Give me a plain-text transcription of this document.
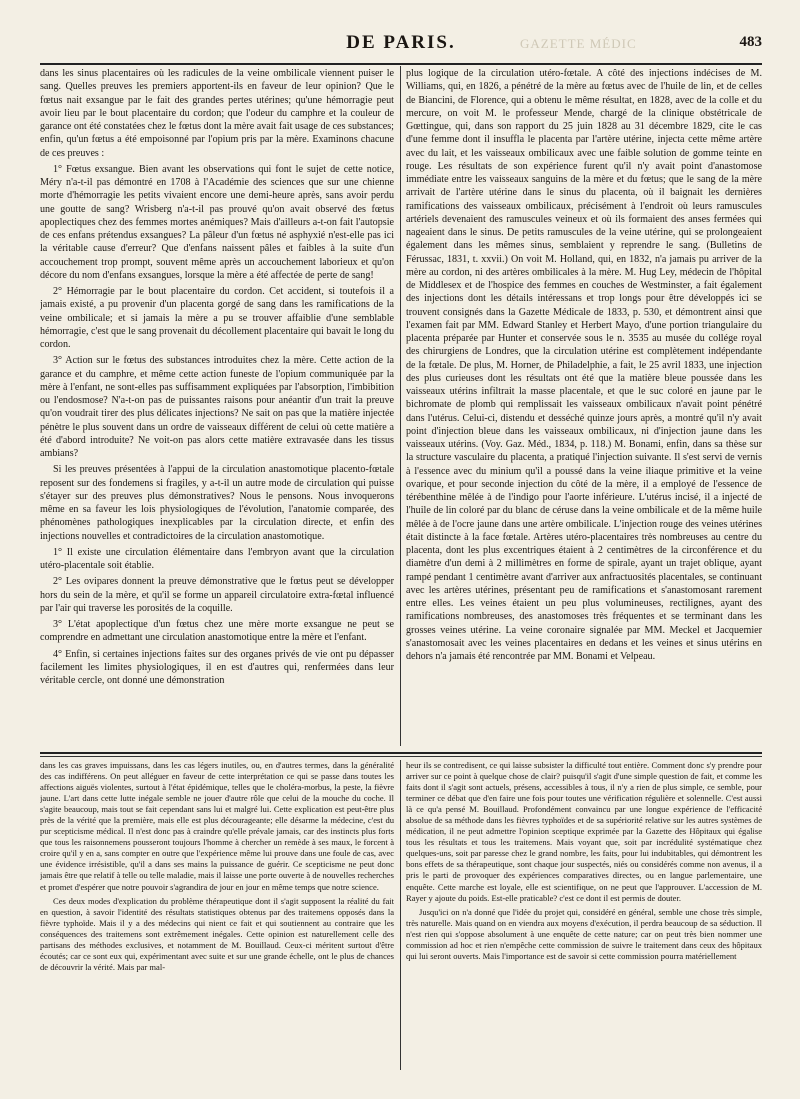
GAZETTE MÉDIC
DE PARIS.	483

dans les sinus placentaires où les radicules de la veine ombilicale viennent puiser le sang. Quelles preuves les premiers apportent-ils en faveur de leur opinion? Que le fœtus nait exsangue par le fait des grandes pertes utérines; qu'une hémorragie peut avoir lieu par le bout placentaire du cordon; que l'odeur du camphre et la couleur de garance ont été constatées chez le fœtus dont la mère avait fait usage de ces substances; enfin, qu'un fœtus a été empoisonné par l'opium pris par la mère. Examinons chacune de ces preuves :

1° Fœtus exsangue. Bien avant les observations qui font le sujet de cette notice, Méry n'a-t-il pas démontré en 1708 à l'Académie des sciences que sur une chienne morte d'hémorragie les petits vivaient encore une demi-heure après, sans avoir perdu une goutte de sang? Wrisberg n'a-t-il pas prouvé qu'on avait observé des fœtus apoplectiques chez des femmes mortes anémiques? Mais d'ailleurs a-t-on fait l'autopsie de ces enfans prétendus exsangues? La pâleur d'un fœtus né asphyxié n'est-elle pas ici la véritable cause d'erreur? Que d'enfans naissent pâles et faibles à la suite d'un accouchement trop prompt, souvent même après un accouchement laborieux et qu'on décore du nom d'enfans exsangues, lorsque la mère a été affectée de perte de sang!

2° Hémorragie par le bout placentaire du cordon. Cet accident, si toutefois il a jamais existé, a pu provenir d'un placenta gorgé de sang dans les ramifications de la veine ombilicale; et si jamais la mère a pu se trouver affaiblie d'une semblable hémorragie, c'est que le sang provenait du décollement placentaire qui bavait le long du cordon.

3° Action sur le fœtus des substances introduites chez la mère. Cette action de la garance et du camphre, et même cette action funeste de l'opium communiquée par la mère à l'enfant, ne sont-elles pas suffisamment expliquées par l'absorption, l'imbibition ou l'endosmose? N'a-t-on pas de puissantes raisons pour anéantir d'un trait la preuve qu'on voudrait tirer des plus délicates injections? Ne sait on pas que la matière injectée pénètre le plus souvent dans un ordre de vaisseaux différent de celui où cette matière a été d'abord introduite? Ne voit-on pas alors cette matière extravasée dans les tissus ambians?

Si les preuves présentées à l'appui de la circulation anastomotique placento-fœtale reposent sur des fondemens si fragiles, y a-t-il un autre mode de circulation qui puisse s'étayer sur des preuves plus démonstratives? Nous le pensons. Nous invoquerons même en sa faveur les lois physiologiques de l'évolution, l'anatomie comparée, des phénomènes pathologiques inexplicables par la circulation directe, et enfin des injections nouvelles et contradictoires de la circulation anastomotique.

1° Il existe une circulation élémentaire dans l'embryon avant que la circulation utéro-placentale soit établie.

2° Les ovipares donnent la preuve démonstrative que le fœtus peut se développer hors du sein de la mère, et qu'il se forme un appareil circulatoire extra-fœtal influencé par l'air qui traverse les porosités de la coquille.

3° L'état apoplectique d'un fœtus chez une mère morte exsangue ne peut se comprendre en admettant une circulation anastomotique entre la mère et l'enfant.

4° Enfin, si certaines injections faites sur des organes privés de vie ont pu dépasser facilement les limites physiologiques, il en est d'autres qui, renfermées dans leur véritable cercle, ont donné une démonstration

plus logique de la circulation utéro-fœtale. A côté des injections indécises de M. Williams, qui, en 1826, a pénétré de la mère au fœtus avec de l'huile de lin, et de celles de Biancini, de Florence, qui a obtenu le même résultat, en 1828, avec de la colle et du mercure, on voit M. le professeur Mende, chargé de la clinique obstétricale de Gœttingue, qui, dans son rapport du 25 juin 1828 au 31 décembre 1829, cite le cas d'une femme dont il insuffla le placenta par l'artère utérine, injecta cette même artère avec du lait, et les vaisseaux ombilicaux avec une faible solution de gomme teinte en rouge. Les résultats de son expérience furent qu'il n'y avait point d'anastomose immédiate entre les vaisseaux sanguins de la mère et du fœtus; que le sang de la mère arrivait de l'artère utérine dans le sinus du placenta, où il baignait les dernières ramifications des vaisseaux ombilicaux, précisément à l'endroit où leurs ramuscules artériels devenaient des ramuscules veineux et où ils formaient des anses fermées qui nageaient dans le sinus. De petits ramuscules de la veine utérine, qui se prolongeaient également dans les mêmes sinus, semblaient y reprendre le sang. (Bulletins de Férussac, 1831, t. xxvii.) On voit M. Holland, qui, en 1832, n'a jamais pu arriver de la mère au cordon, ni des artères ombilicales à la mère. M. Hug Ley, médecin de l'hôpital de Middlesex et de l'hospice des femmes en couches de Westminster, a fait également des injections dont les détails intéressans et trop longs pour être développés ici se trouvent consignés dans la Gazette Médicale de 1833, p. 530, et démontrent ainsi que l'examen fait par MM. Edward Stanley et Herbert Mayo, d'une portion triangulaire du placenta préparée par Hunter et conservée sous le n. 3535 au musée du collége royal des chirurgiens de Londres, que la circulation utérine est complètement indépendante de la fœtale. De plus, M. Horner, de Philadelphie, a fait, le 25 avril 1833, une injection des plus curieuses dont les résultats ont été que la matière bleue poussée dans les vaisseaux utérins infiltrait la masse placentale, et que le suc coloré en jaune par le bichromate de plomb qui remplissait les vaisseaux ombilicaux n'avait point pénétré dans l'utérus. Celui-ci, distendu et desséché quinze jours après, a montré qu'il n'y avait point d'injection bleue dans les vaisseaux ombilicaux, ni d'injection jaune dans les vaisseaux utérins. (Voy. Gaz. Méd., 1834, p. 118.) M. Bonami, enfin, dans sa thèse sur la structure vasculaire du placenta, a pratiqué l'injection suivante. Il s'est servi de vernis à l'essence avec du minium qu'il a poussé dans la veine iliaque primitive et la veine ovarique, et pour seconde injection du côté de la mère, il a employé de l'essence de térébenthine mêlée à de l'indigo pour l'aorte inférieure. L'utérus incisé, il a injecté de l'huile de lin coloré par du blanc de céruse dans la veine ombilicale et de la même huile mêlée à de l'ocre jaune dans une artère ombilicale. L'injection rouge des veines utérines était distincte à la face fœtale. Artères utéro-placentaires très nombreuses au centre du placenta, dont les plus excentriques étaient à 2 centimètres de la circonférence et du diamètre d'un demi à 2 millimètres en forme de spirale, ayant un trajet oblique, ayant rampé pendant 1 centimètre avant d'arriver aux anfractuosités placentales, se continuant avec les artères utérines, présentant peu de ramifications et s'anastomosant rarement entre elles. Les veines étaient un peu plus volumineuses, rectilignes, ayant des ramifications nombreuses, des anastomoses très fréquentes et se terminant dans les grosses veines utérine. La veine coronaire signalée par MM. Meckel et Jacquemier s'anastomosait avec les veines placentaires en dedans et les veines et sinus utérins en dehors n'a jamais été rencontrée par MM. Bonami et Velpeau.

dans les cas graves impuissans, dans les cas légers inutiles, ou, en d'autres termes, dans la généralité des cas indifférens. On peut alléguer en faveur de cette interprétation ce qui se passe dans toutes les affections aiguës violentes, surtout à l'état épidémique, telles que le choléra-morbus, la peste, la fièvre jaune. L'art dans cette lutte inégale semble ne jouer d'autre rôle que celui de la mouche du coche. Il s'agite beaucoup, mais tout se fait cependant sans lui et malgré lui. Cette explication est peut-être plus près de la vérité que la première, mais elle est plus décourageante; elle désarme la médecine, c'est du pur scepticisme médical. Il n'est donc pas à craindre qu'elle prévale jamais, car des instincts plus forts que tous les raisonnemens pousseront toujours l'homme à chercher un remède à ses maux, le forcent à croire qu'il y en a, sans compter en outre que l'expérience même lui prouve dans une foule de cas, avec une évidence irrésistible, qu'il a dans ses mains la puissance de guérir. Ce scepticisme ne peut donc jamais être que relatif à telle ou telle maladie, mais il laisse une porte ouverte à de nouvelles recherches et promet d'espérer que notre pouvoir s'agrandira de jour en jour en même temps que notre science.

Ces deux modes d'explication du problème thérapeutique dont il s'agit supposent la réalité du fait en question, à savoir l'identité des résultats statistiques obtenus par des traitemens opposés dans la fièvre typhoïde. Mais il y a des médecins qui nient ce fait et qui soutiennent au contraire que les conséquences des traitemens sont extrêmement inégales. Cette opinion est naturellement celle des partisans des méthodes exclusives, et notamment de M. Bouillaud. Ceux-ci méritent surtout d'être écoutés; car ce sont eux qui, expérimentant avec suite et sur une grande échelle, ont le plus de chances de découvrir la vérité. Mais par mal-

heur ils se contredisent, ce qui laisse subsister la difficulté tout entière. Comment donc s'y prendre pour arriver sur ce point à quelque chose de clair? puisqu'il s'agit d'une simple question de fait, et comme les faits dont il s'agit sont actuels, présens, accessibles à tous, il n'y a rien de plus simple, ce semble, pour terminer ce débat que d'en faire une fois pour toutes une vérification régulière et solennelle. C'est aussi là ce qu'a pensé M. Bouillaud. Profondément convaincu par une longue expérience de l'efficacité absolue de sa méthode dans les fièvres typhoïdes et de sa supériorité relative sur les autres systèmes de médication, il ne peut admettre l'opinion sceptique exprimée par la Gazette des Hôpitaux qui égalise tous les résultats et tous les traitemens. Mais voyant que, soit par incrédulité systématique chez quelques-uns, soit par paresse chez le grand nombre, les faits, pour lui indubitables, qui démontrent les bons effets de sa thérapeutique, sont chaque jour suspectés, niés ou considérés comme non avenus, il a pris le parti de provoquer des expériences comparatives directes, ou en langue parlementaire, une enquête. Cette marche est loyale, elle est scientifique, on ne peut que l'approuver. L'accession de M. Rayer y ajoute du poids. Est-elle praticable? c'est ce dont il est permis de douter.

Jusqu'ici on n'a donné que l'idée du projet qui, considéré en général, semble une chose très simple, très naturelle. Mais quand on en viendra aux moyens d'exécution, il perdra beaucoup de sa séduction. Il n'est rien qui s'oppose absolument à une enquête de cette nature; car on peut très bien nommer une commission ad hoc et rien n'empêche cette commission de suivre le traitement dans ceux des hôpitaux qui lui seront ouverts. Mais l'importance est de savoir si cette commission pourra matériellement
